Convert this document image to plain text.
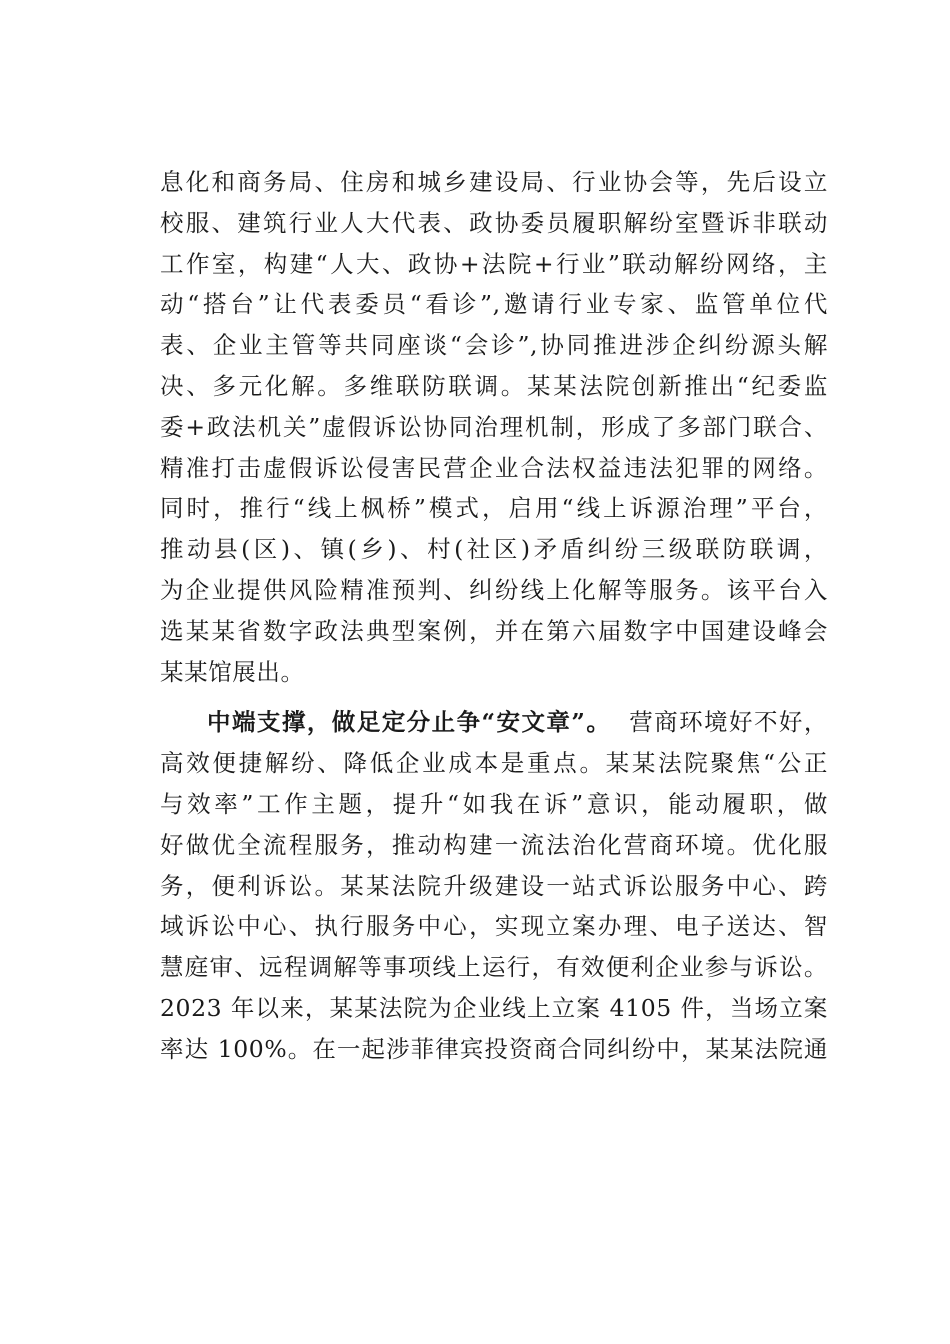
息化和商务局、住房和城乡建设局、行业协会等，先后设立
校服、建筑行业人大代表、政协委员履职解纷室暨诉非联动
工作室，构建“人大、政协+法院+行业”联动解纷网络，主
动“搭台”让代表委员“看诊”,邀请行业专家、监管单位代
表、企业主管等共同座谈“会诊”,协同推进涉企纠纷源头解
决、多元化解。多维联防联调。某某法院创新推出“纪委监
委+政法机关”虚假诉讼协同治理机制，形成了多部门联合、
精准打击虚假诉讼侵害民营企业合法权益违法犯罪的网络。
同时，推行“线上枫桥”模式，启用“线上诉源治理”平台，
推动县(区)、镇(乡)、村(社区)矛盾纠纷三级联防联调，
为企业提供风险精准预判、纠纷线上化解等服务。该平台入
选某某省数字政法典型案例，并在第六届数字中国建设峰会
某某馆展出。
中端支撑，做足定分止争“安文章”。 营商环境好不好，
高效便捷解纷、降低企业成本是重点。某某法院聚焦“公正
与效率”工作主题，提升“如我在诉”意识，能动履职，做
好做优全流程服务，推动构建一流法治化营商环境。优化服
务，便利诉讼。某某法院升级建设一站式诉讼服务中心、跨
域诉讼中心、执行服务中心，实现立案办理、电子送达、智
慧庭审、远程调解等事项线上运行，有效便利企业参与诉讼。
2023 年以来，某某法院为企业线上立案 4105 件，当场立案
率达 100%。在一起涉菲律宾投资商合同纠纷中，某某法院通
